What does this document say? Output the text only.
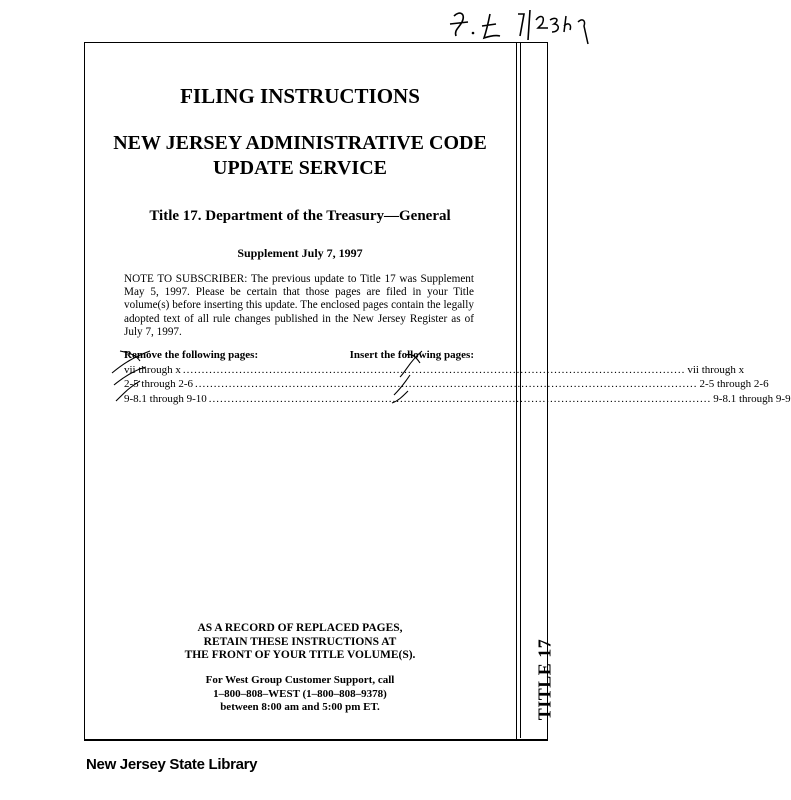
TITLE 17
FILING INSTRUCTIONS
NEW JERSEY ADMINISTRATIVE CODE
UPDATE SERVICE
Title 17. Department of the Treasury—General
Supplement July 7, 1997
NOTE TO SUBSCRIBER: The previous update to Title 17 was Supplement May 5, 1997. Please be certain that those pages are filed in your Title volume(s) before inserting this update. The enclosed pages contain the legally adopted text of all rule changes published in the New Jersey Register as of July 7, 1997.
Remove the following pages:	Insert the following pages:
vii through x ...................................................................................................................................... vii through x
2-5 through 2-6 ...................................................................................................................................... 2-5 through 2-6
9-8.1 through 9-10 ...................................................................................................................................... 9-8.1 through 9-9
AS A RECORD OF REPLACED PAGES,
RETAIN THESE INSTRUCTIONS AT
THE FRONT OF YOUR TITLE VOLUME(S).
For West Group Customer Support, call
1–800–808–WEST (1–800–808–9378)
between 8:00 am and 5:00 pm ET.
New Jersey State Library
